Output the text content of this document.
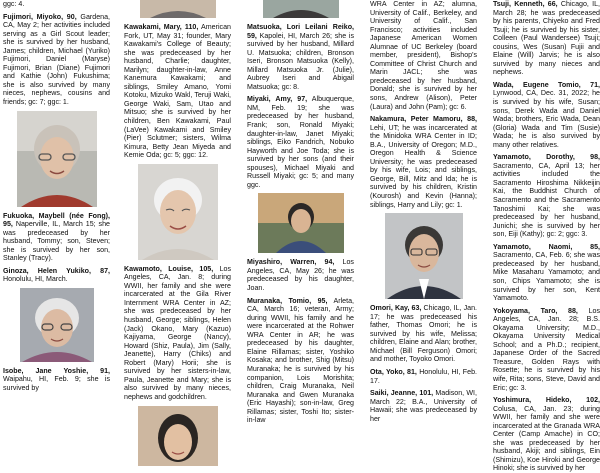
ggc: 4.
Fujimori, Miyoko, 90, Gardena, CA, May 2; her activities included serving as a Girl Scout leader; she is survived by her husband, James; children, Michael (Yuriko) Fujimori, Daniel (Maryse) Fujimori, Brian (Diane) Fujimori and Kathie (John) Fukushima; she is also survived by many nieces, nephews, cousins and friends; gc: 7; ggc: 1.
Fukuoka, Maybell (née Fong), 95, Naperville, IL, March 15; she was predeceased by her husband, Tommy; son, Steven; she is survived by her son, Stanley (Tracy).
Ginoza, Helen Yukiko, 87, Honolulu, HI, March.
Isobe, Jane Yoshie, 91, Waipahu, HI, Feb. 9; she is survived by
Kawakami, Mary, 110, American Fork, UT, May 31; founder, Mary Kawakami's College of Beauty; she was predeceased by her husband, Charlie; daughter, Marilyn; daughter-in-law, Anne Kanemura Kawakami; and siblings, Smiley Amano, Yomi Kotoku, Mizuko Wakl, Teruji Waki, George Waki, Sam, Utao and Mitsuo; she is survived by her children, Ben Kawakami, Paul (LaVee) Kawakami and Smiley (Pier) Sclutmer; sisters, Wilma Kimura, Betty Jean Miyeda and Kemie Oda; gc: 5; ggc: 12.
Kawamoto, Louise, 105, Los Angeles, CA, Jan. 8; during WWII, her family and she were incarcerated at the Gila River Internment WRA Center in AZ; she was predeceased by her husband, George; siblings, Helen (Jack) Okano, Mary (Kazuo) Kajiyama, George (Nancy), Howard (Shiz, Paula), Jim (Sally, Jeanette), Harry (Chiks) and Robert (Mary) Horii; she is survived by her sisters-in-law, Paula, Jeanette and Mary; she is also survived by many nieces, nephews and godchildren.
Matsuoka, Lori Leilani Reiko, 59, Kapolei, HI, March 26; she is survived by her husband, Millard U. Matsuoka; children, Bronson Iseri, Bronson Matsuoka (Kelly), Millard Matsuoka Jr. (Julie), Aubrey Iseri and Abigail Matsuoka; gc: 8.
Miyaki, Amy, 97, Albuquerque, NM, Feb. 19; she was predeceased by her husband, Frank; son, Ronald Miyaki; daughter-in-law, Janet Miyaki; siblings, Eiko Fandrich, Nobuko Hayworth and Joe Toda; she is survived by her sons (and their spouses), Michael Miyaki and Russell Miyaki; gc: 5; and many ggc.
Miyashiro, Warren, 94, Los Angeles, CA, May 26; he was predeceased by his daughter, Joan.
Muranaka, Tomio, 95, Arleta, CA, March 16; veteran, Army; during WWII, his family and he were incarcerated at the Rohwer WRA Center in AR; he was predeceased by his daughter, Elaine Rillamas; sister, Yoshiko Kosaka; and brother, Shig (Mitsu) Muranaka; he is survived by his companion, Lois Morishita; children, Craig Muranaka, Neil Muranaka and Gwen Muranaka (Eric Hayashi); son-in-law, Greg Rillamas; sister, Toshi Ito; sister-in-law
WRA Center in AZ; alumna, University of Calif., Berkeley, and University of Calif., San Francisco; activities included Japanese American Women Alumnae of UC Berkeley (board member, president), Bishop's Committee of Christ Church and Marin JACL; she was predeceased by her husband, Donald; she is survived by her sons, Andrew (Alison), Peter (Laura) and John (Pam); gc: 6.
Nakamura, Peter Mamoru, 88, Lehi, UT; he was incarcerated at the Minidoka WRA Center in ID; B.A., University of Oregon; M.D., Oregon Health & Science University; he was predeceased by his wife, Lois; and siblings, George, Bill, Mitz and Ida; he is survived by his children, Kristin (Kourosh) and Kevin (Hanna); siblings, Harry and Lily; gc: 1.
Omori, Kay, 63, Chicago, IL, Jan. 17; he was predeceased his father, Thomas Omori; he is survived by his wife, Melissa; children, Elaine and Alan; brother, Michael (Bill Ferguson) Omori; and mother, Toyoko Omori.
Ota, Yoko, 81, Honolulu, HI, Feb. 17.
Saiki, Jeanne, 101, Madison, WI, March 22; B.A., University of Hawaii; she was predeceased by her
Tsuji, Kenneth, 66, Chicago, IL, March 28; he was predeceased by his parents, Chiyeko and Fred Tsuji; he is survived by his sister, Colleen (Paul Wandersee) Tsuji; cousins, Wes (Susan) Fujii and Elaine (Will) Jarvis; he is also survived by many nieces and nephews.
Wada, Eugene Tomio, 71, Lynwood, CA, Dec. 31, 2022; he is survived by his wife, Susan; sons, Derek Wada and Daniel Wada; brothers, Eric Wada, Dean (Gloria) Wada and Tim (Susie) Wada; he is also survived by many other relatives.
Yamamoto, Dorothy, 98, Sacramento, CA, April 13; her activities included the Sacramento Hiroshima Nikkeijin Kai, the Buddhist Church of Sacramento and the Sacramento Tanoshimi Kai; she was predeceased by her husband, Junichi; she is survived by her son, Eiji (Kathy); gc: 2; ggc: 3.
Yamamoto, Naomi, 85, Sacramento, CA, Feb. 6; she was predeceased by her husband, Mike Masaharu Yamamoto; and son, Chips Yamamoto; she is survived by her son, Kent Yamamoto.
Yokoyama, Taro, 88, Los Angeles, CA, Jan. 28; B.S. Okayama University; M.D., Okayama University Medical School; and a Ph.D.; recipient, Japanese Order of the Sacred Treasure, Golden Rays with Rosette; he is survived by his wife, Rita; sons, Steve, David and Eric; gc: 3.
Yoshimura, Hideko, 102, Colusa, CA, Jan. 23; during WWII, her family and she were incarcerated at the Granada WRA Center (Camp Amache) in CO; she was predeceased by her husband, Akiji; and siblings, Ein (Shimizu), Koe Hiroki and George Hinoki; she is survived by her
